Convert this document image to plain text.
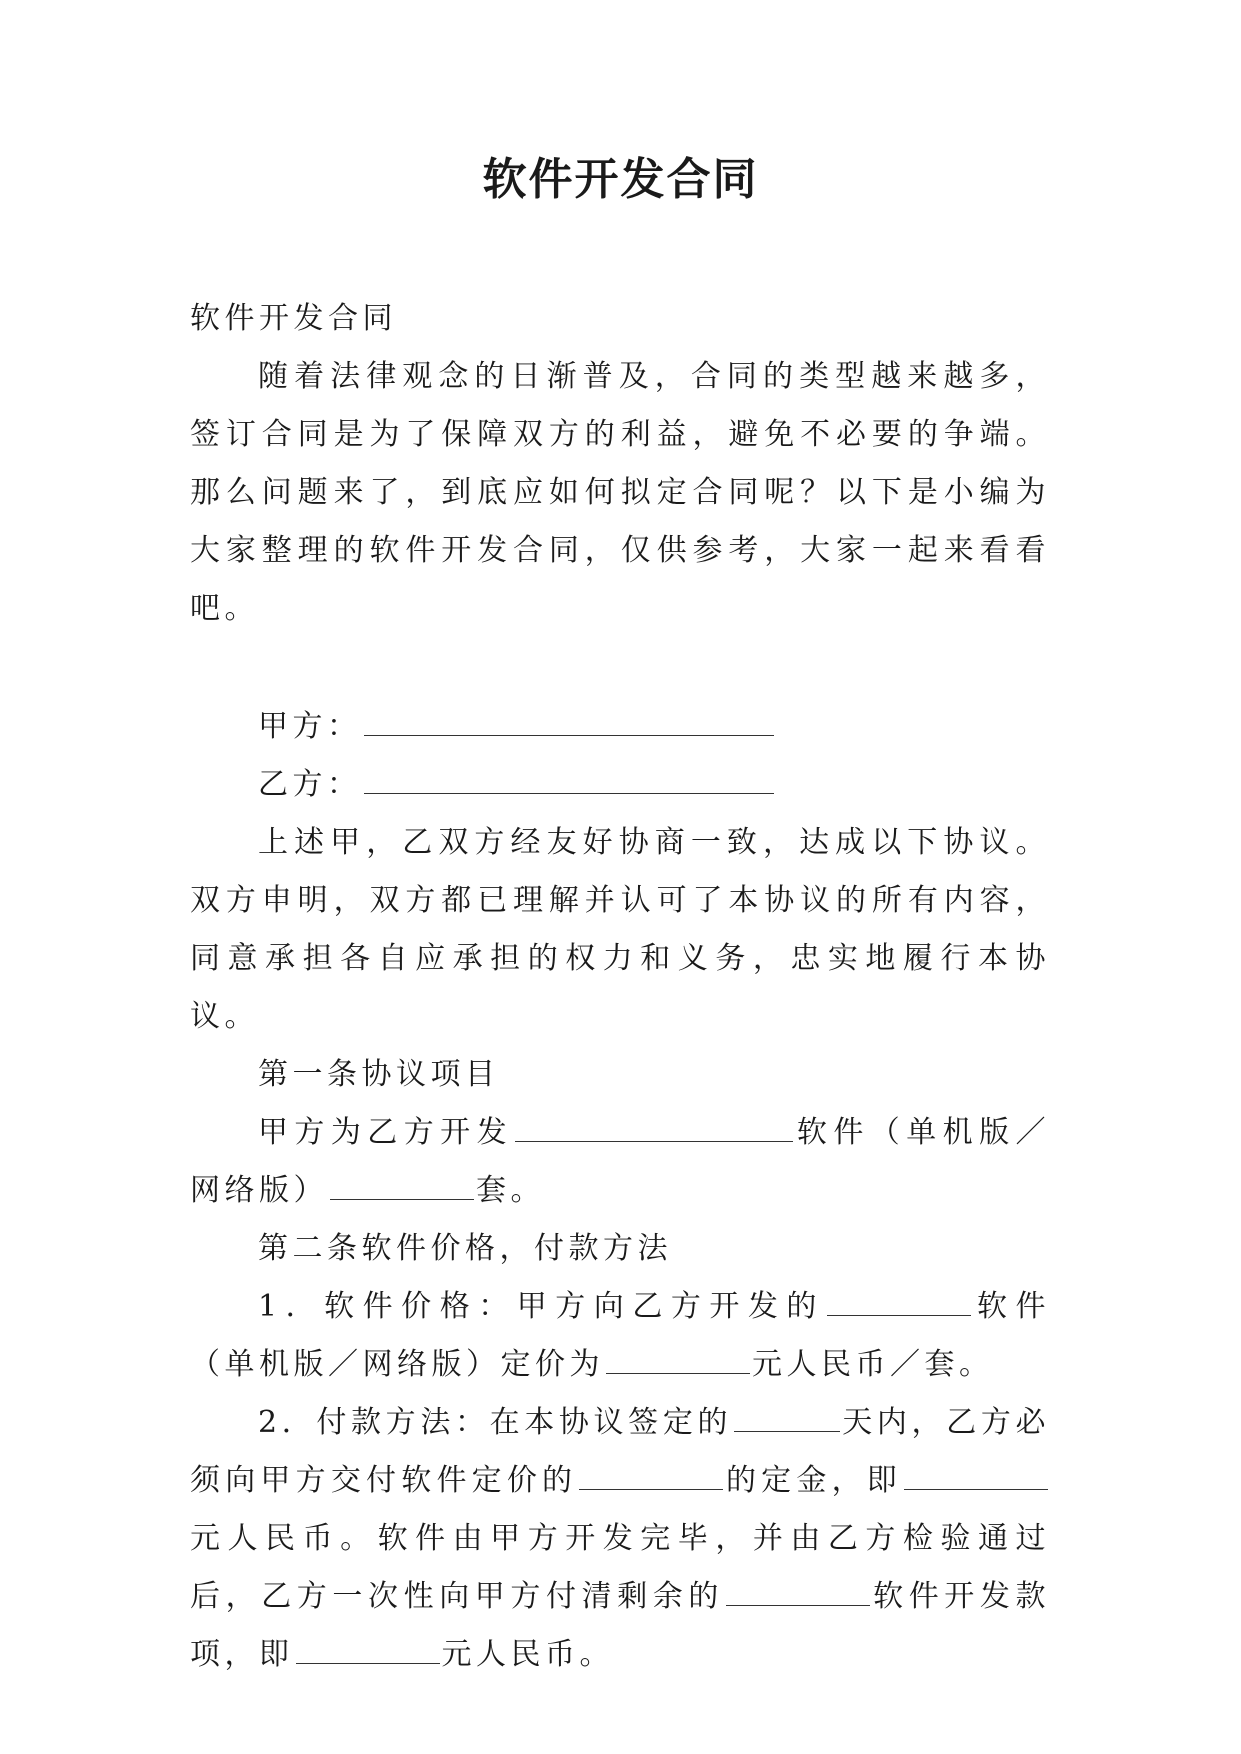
软件开发合同

软件开发合同

随着法律观念的日渐普及，合同的类型越来越多，签订合同是为了保障双方的利益，避免不必要的争端。那么问题来了，到底应如何拟定合同呢？以下是小编为大家整理的软件开发合同，仅供参考，大家一起来看看吧。

甲方：

乙方：

上述甲，乙双方经友好协商一致，达成以下协议。双方申明，双方都已理解并认可了本协议的所有内容，同意承担各自应承担的权力和义务，忠实地履行本协议。

第一条协议项目

甲方为乙方开发	软件（单机版／网络版）	套。

第二条软件价格，付款方法

1．软件价格：甲方向乙方开发的	软件（单机版／网络版）定价为	元人民币／套。

2．付款方法：在本协议签定的	天内，乙方必须向甲方交付软件定价的	的定金，即元人民币。软件由甲方开发完毕，并由乙方检验通过后，乙方一次性向甲方付清剩余的	软件开发款项，即	元人民币。
